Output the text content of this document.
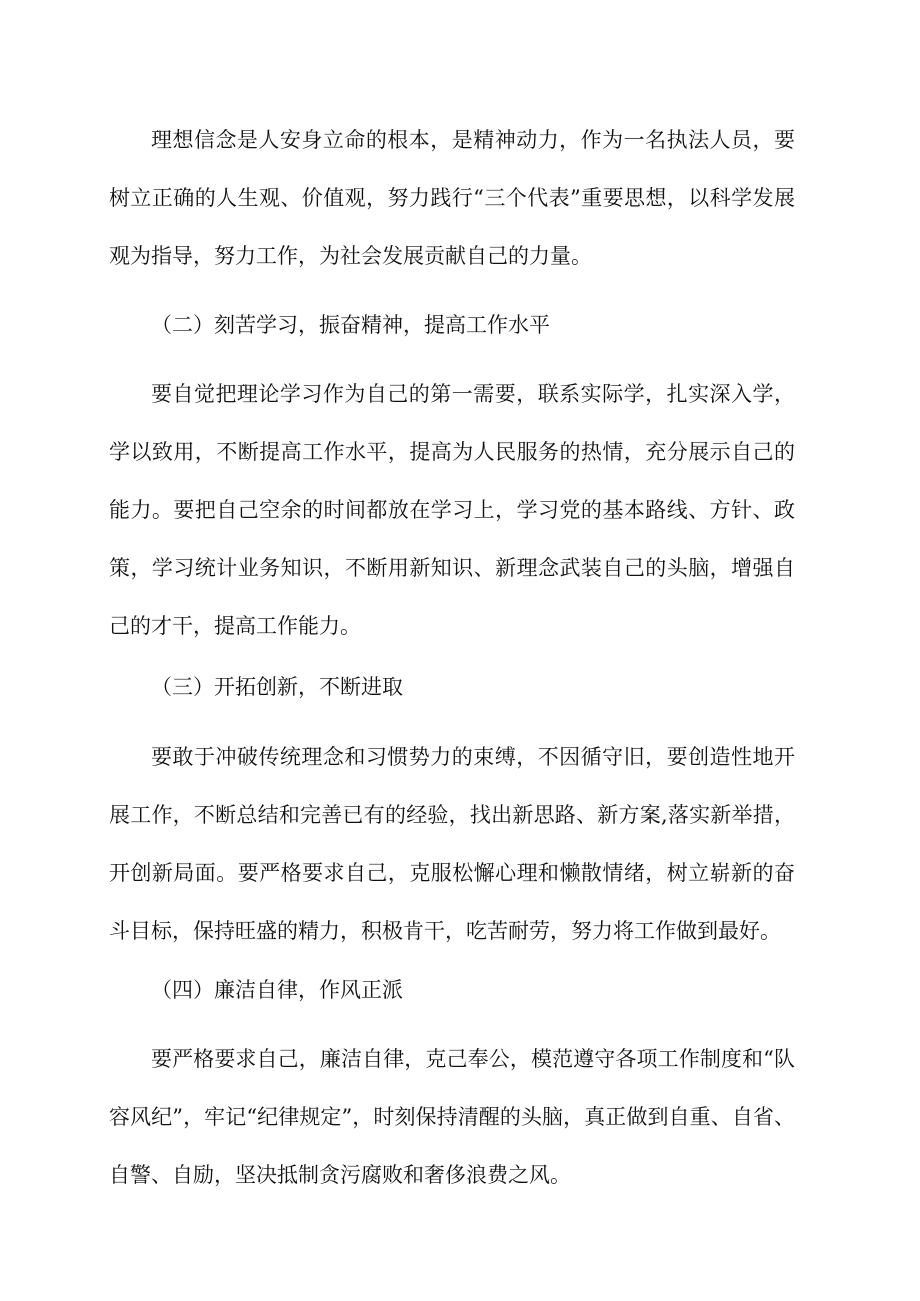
理想信念是人安身立命的根本，是精神动力，作为一名执法人员，要树立正确的人生观、价值观，努力践行“三个代表”重要思想，以科学发展观为指导，努力工作，为社会发展贡献自己的力量。

（二）刻苦学习，振奋精神，提高工作水平

要自觉把理论学习作为自己的第一需要，联系实际学，扎实深入学，学以致用，不断提高工作水平，提高为人民服务的热情，充分展示自己的能力。要把自己空余的时间都放在学习上，学习党的基本路线、方针、政策，学习统计业务知识，不断用新知识、新理念武装自己的头脑，增强自己的才干，提高工作能力。

（三）开拓创新，不断进取

要敢于冲破传统理念和习惯势力的束缚，不因循守旧，要创造性地开展工作，不断总结和完善已有的经验，找出新思路、新方案,落实新举措，开创新局面。要严格要求自己，克服松懈心理和懒散情绪，树立崭新的奋斗目标，保持旺盛的精力，积极肯干，吃苦耐劳，努力将工作做到最好。

（四）廉洁自律，作风正派

要严格要求自己，廉洁自律，克己奉公，模范遵守各项工作制度和“队容风纪”，牢记“纪律规定”，时刻保持清醒的头脑，真正做到自重、自省、自警、自励，坚决抵制贪污腐败和奢侈浪费之风。
